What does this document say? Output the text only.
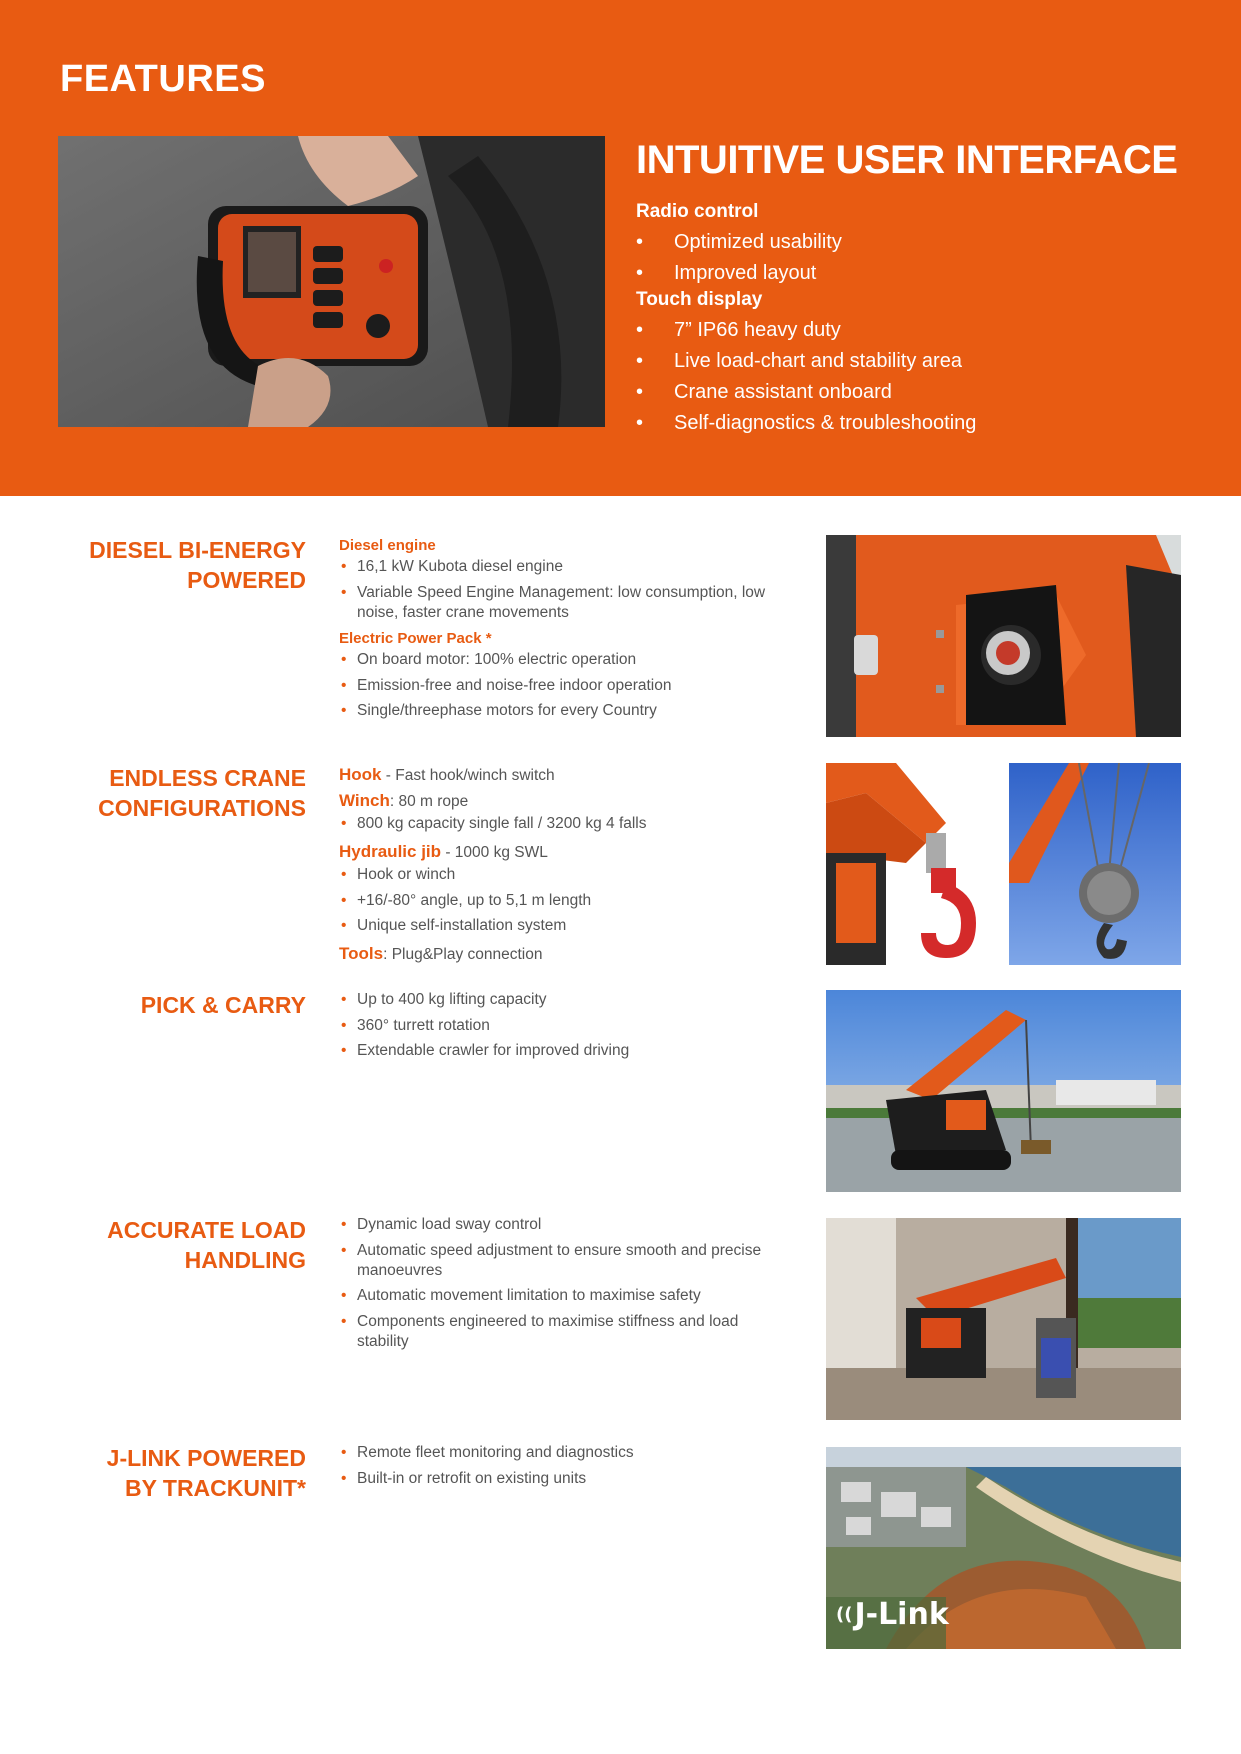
FEATURES
INTUITIVE USER INTERFACE
Radio control
• Optimized usability
• Improved layout
Touch display
• 7” IP66 heavy duty
• Live load-chart and stability area
• Crane assistant onboard
• Self-diagnostics & troubleshooting
DIESEL BI-ENERGY
POWERED
Diesel engine
• 16,1 kW Kubota diesel engine
• Variable Speed Engine Management: low consumption, low noise, faster crane movements
Electric Power Pack *
• On board motor: 100% electric operation
• Emission-free and noise-free indoor operation
• Single/threephase motors for every Country
ENDLESS CRANE
CONFIGURATIONS
Hook - Fast hook/winch switch
Winch: 80 m rope
• 800 kg capacity single fall / 3200 kg 4 falls
Hydraulic jib - 1000 kg SWL
• Hook or winch
• +16/-80° angle, up to 5,1 m length
• Unique self-installation system
Tools: Plug&Play connection
PICK & CARRY
•	Up to 400 kg lifting capacity
• 360° turrett rotation
• Extendable crawler for improved driving
ACCURATE LOAD
HANDLING
• Dynamic load sway control
• Automatic speed adjustment to ensure smooth and precise manoeuvres
• Automatic movement limitation to maximise safety
• Components engineered to maximise stiffness and load stability
J-LINK POWERED
BY TRACKUNIT*
• Remote fleet monitoring and diagnostics
• Built-in or retrofit on existing units
(( J-Link
